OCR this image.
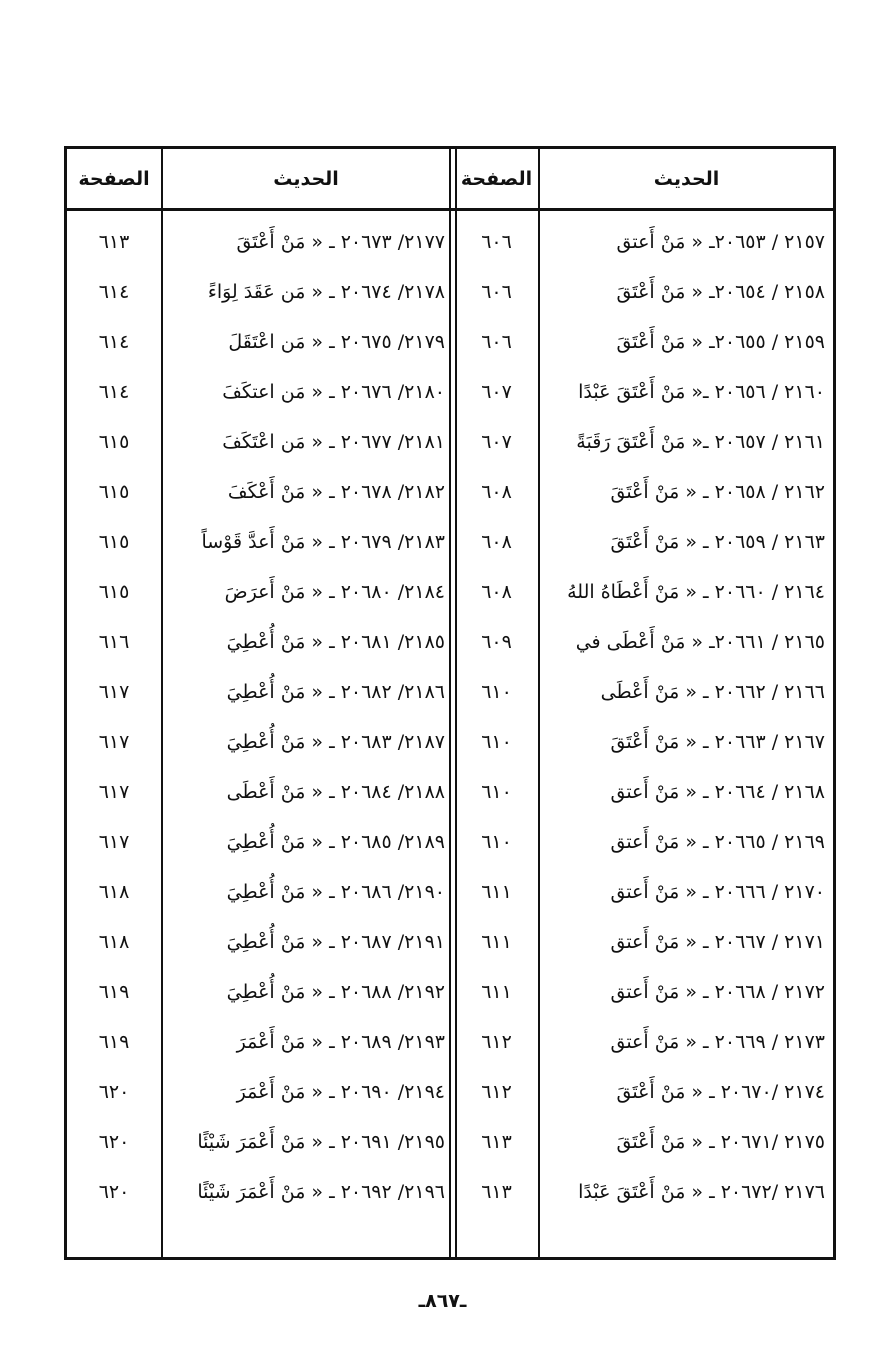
الصفحة	الحديث	الصفحة	الحديث
٦١٣	٢١٧٧/ ٢٠٦٧٣ ـ « مَنْ أَعْتَقَ	٦٠٦	٢١٥٧ / ٢٠٦٥٣ـ « مَنْ أَعتق
٦١٤	٢١٧٨/ ٢٠٦٧٤ ـ « مَن عَقَدَ لِوَاءً	٦٠٦	٢١٥٨ / ٢٠٦٥٤ـ « مَنْ أَعْتَقَ
٦١٤	٢١٧٩/ ٢٠٦٧٥ ـ « مَن اعْتَقَلَ	٦٠٦	٢١٥٩ / ٢٠٦٥٥ـ « مَنْ أَعْتَقَ
٦١٤	٢١٨٠/ ٢٠٦٧٦ ـ « مَن اعتكَفَ	٦٠٧	٢١٦٠ / ٢٠٦٥٦ ـ« مَنْ أَعْتَقَ عَبْدًا
٦١٥	٢١٨١/ ٢٠٦٧٧ ـ « مَن اعْتَكَفَ	٦٠٧	٢١٦١ / ٢٠٦٥٧ ـ« مَنْ أَعْتَقَ رَقَبَةً
٦١٥	٢١٨٢/ ٢٠٦٧٨ ـ « مَنْ أَعْكَفَ	٦٠٨	٢١٦٢ / ٢٠٦٥٨ ـ « مَنْ أَعْتَقَ
٦١٥	٢١٨٣/ ٢٠٦٧٩ ـ « مَنْ أَعدَّ قَوْساً	٦٠٨	٢١٦٣ / ٢٠٦٥٩ ـ « مَنْ أَعْتَقَ
٦١٥	٢١٨٤/ ٢٠٦٨٠ ـ « مَنْ أَعرَضَ	٦٠٨	٢١٦٤ / ٢٠٦٦٠ ـ « مَنْ أَعْطَاهُ اللهُ
٦١٦	٢١٨٥/ ٢٠٦٨١ ـ « مَنْ أُعْطِيَ	٦٠٩	٢١٦٥ / ٢٠٦٦١ـ « مَنْ أَعْطَى في
٦١٧	٢١٨٦/ ٢٠٦٨٢ ـ « مَنْ أُعْطِيَ	٦١٠	٢١٦٦ / ٢٠٦٦٢ ـ « مَنْ أَعْطَى
٦١٧	٢١٨٧/ ٢٠٦٨٣ ـ « مَنْ أُعْطِيَ	٦١٠	٢١٦٧ / ٢٠٦٦٣ ـ « مَنْ أَعْتَقَ
٦١٧	٢١٨٨/ ٢٠٦٨٤ ـ « مَنْ أَعْطَى	٦١٠	٢١٦٨ / ٢٠٦٦٤ ـ « مَنْ أَعتق
٦١٧	٢١٨٩/ ٢٠٦٨٥ ـ « مَنْ أُعْطِيَ	٦١٠	٢١٦٩ / ٢٠٦٦٥ ـ « مَنْ أَعتق
٦١٨	٢١٩٠/ ٢٠٦٨٦ ـ « مَنْ أُعْطِيَ	٦١١	٢١٧٠ / ٢٠٦٦٦ ـ « مَنْ أَعتق
٦١٨	٢١٩١/ ٢٠٦٨٧ ـ « مَنْ أُعْطِيَ	٦١١	٢١٧١ / ٢٠٦٦٧ ـ « مَنْ أَعتق
٦١٩	٢١٩٢/ ٢٠٦٨٨ ـ « مَنْ أُعْطِيَ	٦١١	٢١٧٢ / ٢٠٦٦٨ ـ « مَنْ أَعتق
٦١٩	٢١٩٣/ ٢٠٦٨٩ ـ « مَنْ أَعْمَرَ	٦١٢	٢١٧٣ / ٢٠٦٦٩ ـ « مَنْ أَعتق
٦٢٠	٢١٩٤/ ٢٠٦٩٠ ـ « مَنْ أَعْمَرَ	٦١٢	٢١٧٤ /٢٠٦٧٠ ـ « مَنْ أَعْتَقَ
٦٢٠	٢١٩٥/ ٢٠٦٩١ ـ « مَنْ أَعْمَرَ شَيْئًا	٦١٣	٢١٧٥ /٢٠٦٧١ ـ « مَنْ أَعْتَقَ
٦٢٠	٢١٩٦/ ٢٠٦٩٢ ـ « مَنْ أَعْمَرَ شَيْئًا	٦١٣	٢١٧٦ /٢٠٦٧٢ ـ « مَنْ أَعْتَقَ عَبْدًا
ـ٨٦٧ـ
